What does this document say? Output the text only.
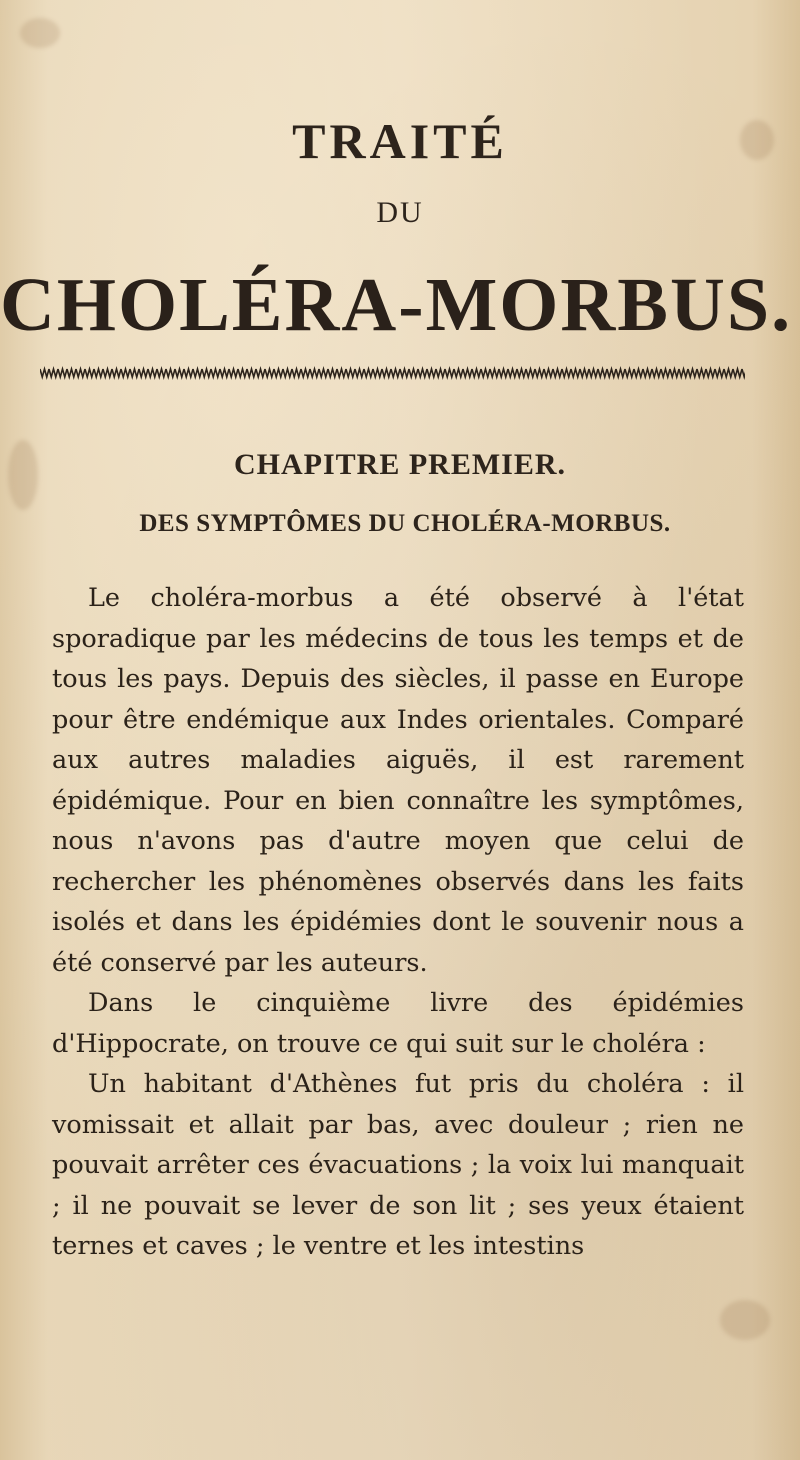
TRAITÉ
DU
CHOLÉRA-MORBUS.
CHAPITRE PREMIER.
DES SYMPTÔMES DU CHOLÉRA-MORBUS.

Le choléra-morbus a été observé à l'état sporadique par les médecins de tous les temps et de tous les pays. Depuis des siècles, il passe en Europe pour être endémique aux Indes orientales. Comparé aux autres maladies aiguës, il est rarement épidémique. Pour en bien connaître les symptômes, nous n'avons pas d'autre moyen que celui de rechercher les phénomènes observés dans les faits isolés et dans les épidémies dont le souvenir nous a été conservé par les auteurs.

Dans le cinquième livre des épidémies d'Hippocrate, on trouve ce qui suit sur le choléra :

Un habitant d'Athènes fut pris du choléra : il vomissait et allait par bas, avec douleur ; rien ne pouvait arrêter ces évacuations ; la voix lui manquait ; il ne pouvait se lever de son lit ; ses yeux étaient ternes et caves ; le ventre et les intestins
